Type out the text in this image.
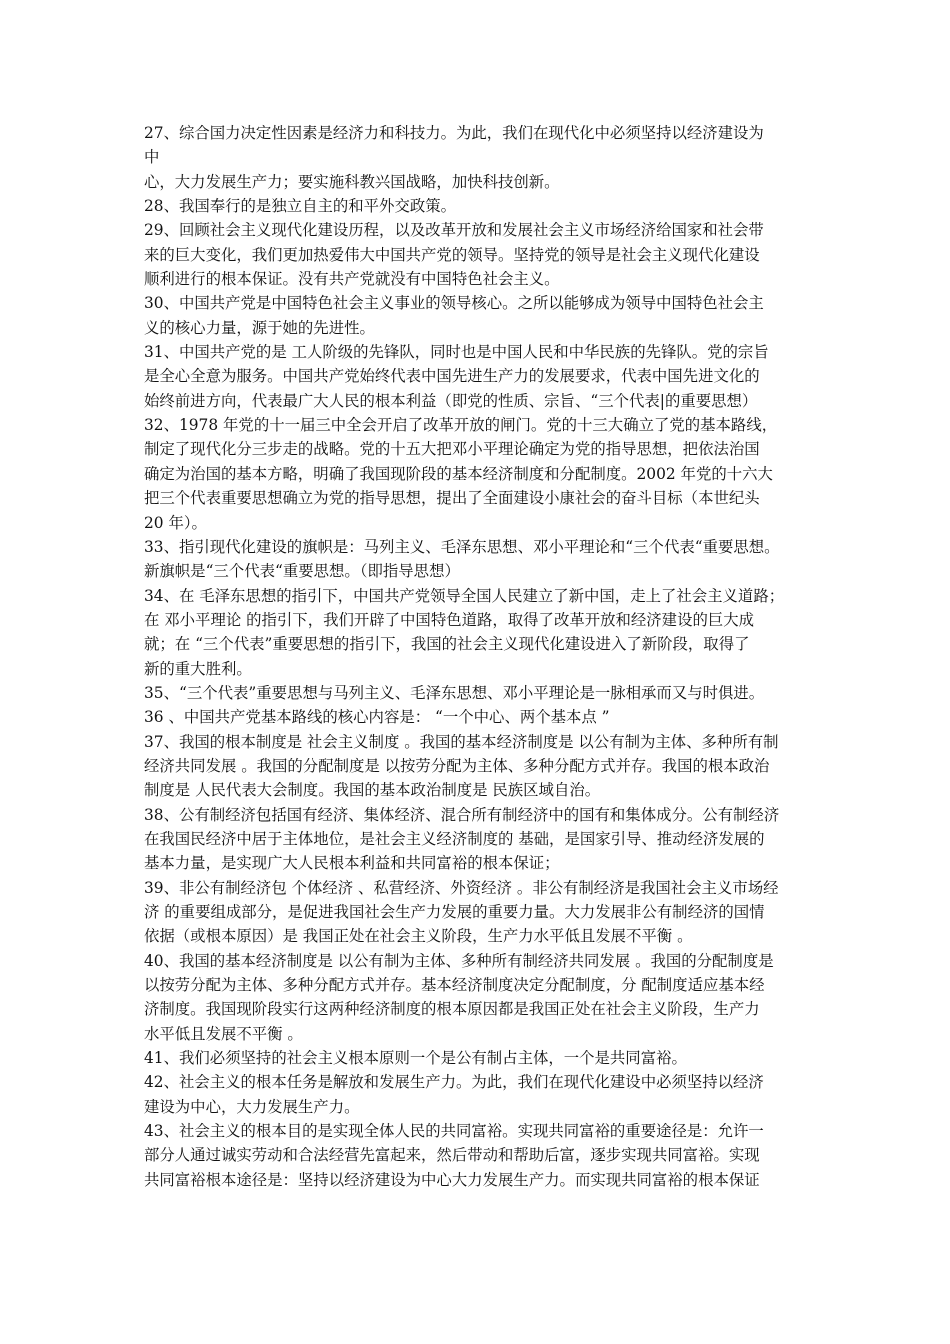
27、综合国力决定性因素是经济力和科技力。为此，我们在现代化中必须坚持以经济建设为
中
心，大力发展生产力；要实施科教兴国战略，加快科技创新。
28、我国奉行的是独立自主的和平外交政策。
29、回顾社会主义现代化建设历程，以及改革开放和发展社会主义市场经济给国家和社会带
来的巨大变化，我们更加热爱伟大中国共产党的领导。坚持党的领导是社会主义现代化建设
顺利进行的根本保证。没有共产党就没有中国特色社会主义。
30、中国共产党是中国特色社会主义事业的领导核心。之所以能够成为领导中国特色社会主
义的核心力量，源于她的先进性。
31、中国共产党的是 工人阶级的先锋队，同时也是中国人民和中华民族的先锋队。党的宗旨
是全心全意为服务。中国共产党始终代表中国先进生产力的发展要求，代表中国先进文化的
始终前进方向，代表最广大人民的根本利益（即党的性质、宗旨、“三个代表|的重要思想）
32、1978 年党的十一届三中全会开启了改革开放的闸门。党的十三大确立了党的基本路线，
制定了现代化分三步走的战略。党的十五大把邓小平理论确定为党的指导思想，把依法治国
确定为治国的基本方略，明确了我国现阶段的基本经济制度和分配制度。2002 年党的十六大
把三个代表重要思想确立为党的指导思想，提出了全面建设小康社会的奋斗目标（本世纪头
20 年）。
33、指引现代化建设的旗帜是：马列主义、毛泽东思想、邓小平理论和“三个代表“重要思想。
新旗帜是“三个代表“重要思想。（即指导思想）
34、在 毛泽东思想的指引下，中国共产党领导全国人民建立了新中国，走上了社会主义道路；
在 邓小平理论 的指引下，我们开辟了中国特色道路，取得了改革开放和经济建设的巨大成
就；在 “三个代表”重要思想的指引下，我国的社会主义现代化建设进入了新阶段，取得了
新的重大胜利。
35、“三个代表”重要思想与马列主义、毛泽东思想、邓小平理论是一脉相承而又与时俱进。
36 、中国共产党基本路线的核心内容是： “一个中心、两个基本点 ”
37、我国的根本制度是 社会主义制度 。我国的基本经济制度是 以公有制为主体、多种所有制
经济共同发展 。我国的分配制度是 以按劳分配为主体、多种分配方式并存。我国的根本政治
制度是 人民代表大会制度。我国的基本政治制度是 民族区域自治。
38、公有制经济包括国有经济、集体经济、混合所有制经济中的国有和集体成分。公有制经济
在我国民经济中居于主体地位，是社会主义经济制度的 基础，是国家引导、推动经济发展的
基本力量，是实现广大人民根本利益和共同富裕的根本保证；
39、非公有制经济包 个体经济 、私营经济、外资经济 。非公有制经济是我国社会主义市场经
济 的重要组成部分，是促进我国社会生产力发展的重要力量。大力发展非公有制经济的国情
依据（或根本原因）是 我国正处在社会主义阶段，生产力水平低且发展不平衡 。
40、我国的基本经济制度是 以公有制为主体、多种所有制经济共同发展 。我国的分配制度是
以按劳分配为主体、多种分配方式并存。基本经济制度决定分配制度，分 配制度适应基本经
济制度。我国现阶段实行这两种经济制度的根本原因都是我国正处在社会主义阶段，生产力
水平低且发展不平衡 。
41、我们必须坚持的社会主义根本原则一个是公有制占主体，一个是共同富裕。
42、社会主义的根本任务是解放和发展生产力。为此，我们在现代化建设中必须坚持以经济
建设为中心，大力发展生产力。
43、社会主义的根本目的是实现全体人民的共同富裕。实现共同富裕的重要途径是：允许一
部分人通过诚实劳动和合法经营先富起来，然后带动和帮助后富，逐步实现共同富裕。实现
共同富裕根本途径是：坚持以经济建设为中心大力发展生产力。而实现共同富裕的根本保证
